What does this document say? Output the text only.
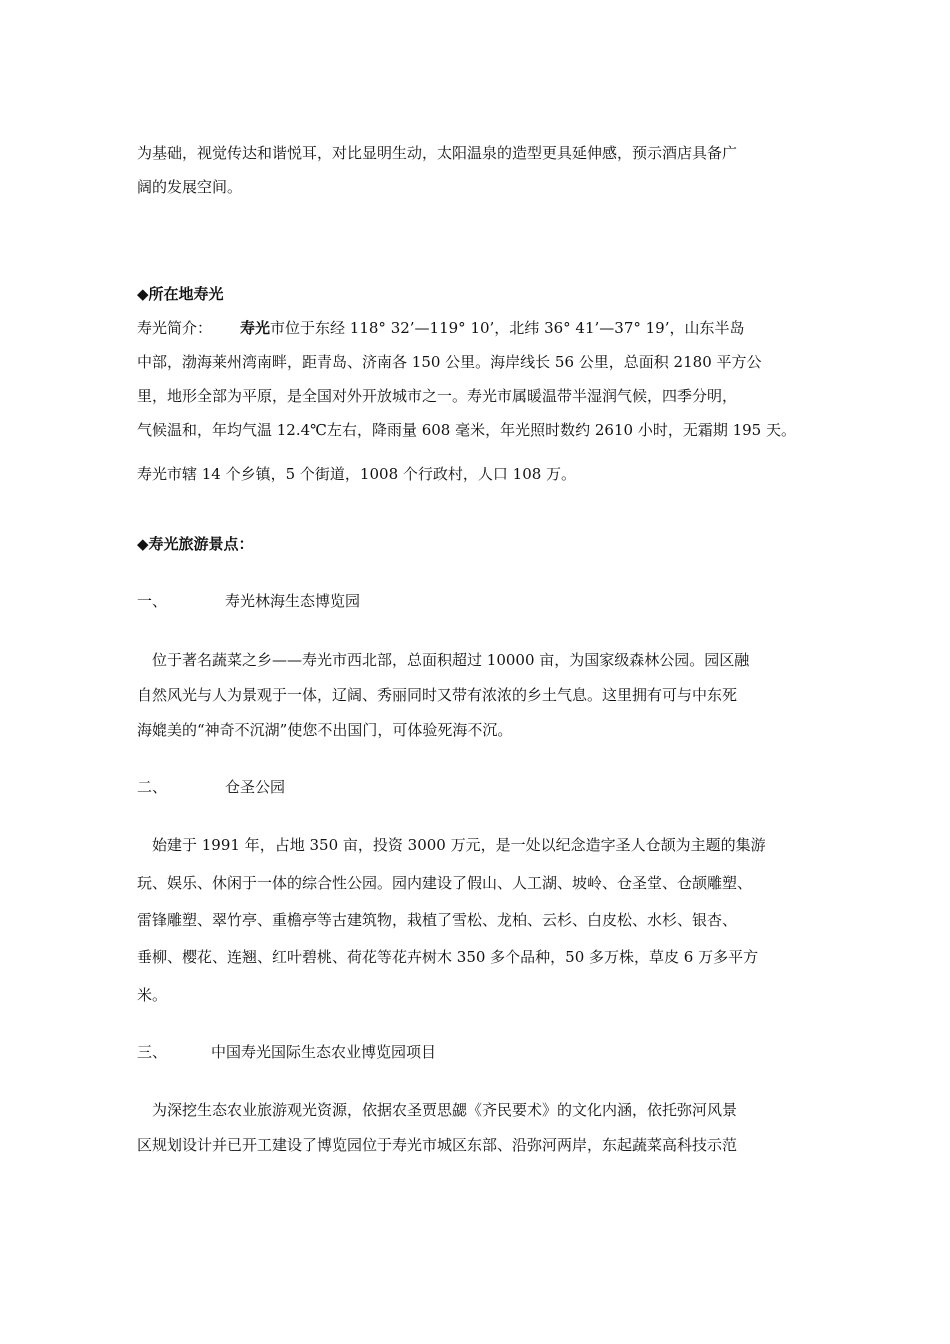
为基础，视觉传达和谐悦耳，对比显明生动，太阳温泉的造型更具延伸感，预示酒店具备广
阔的发展空间。
◆所在地寿光
寿光简介： 寿光市位于东经 118° 32’—119° 10’，北纬 36° 41’—37° 19’，山东半岛
中部，渤海莱州湾南畔，距青岛、济南各 150 公里。海岸线长 56 公里，总面积 2180 平方公
里，地形全部为平原，是全国对外开放城市之一。寿光市属暖温带半湿润气候，四季分明，
气候温和，年均气温 12.4℃左右，降雨量 608 毫米，年光照时数约 2610 小时，无霜期 195 天。
寿光市辖 14 个乡镇，5 个街道，1008 个行政村，人口 108 万。
◆寿光旅游景点：
一、	寿光林海生态博览园
位于著名蔬菜之乡——寿光市西北部，总面积超过 10000 亩，为国家级森林公园。园区融
自然风光与人为景观于一体，辽阔、秀丽同时又带有浓浓的乡土气息。这里拥有可与中东死
海媲美的“神奇不沉湖”使您不出国门，可体验死海不沉。
二、	仓圣公园
始建于 1991 年，占地 350 亩，投资 3000 万元，是一处以纪念造字圣人仓颉为主题的集游
玩、娱乐、休闲于一体的综合性公园。园内建设了假山、人工湖、坡岭、仓圣堂、仓颉雕塑、
雷锋雕塑、翠竹亭、重檐亭等古建筑物，栽植了雪松、龙柏、云杉、白皮松、水杉、银杏、
垂柳、樱花、连翘、红叶碧桃、荷花等花卉树木 350 多个品种，50 多万株，草皮 6 万多平方
米。
三、	中国寿光国际生态农业博览园项目
为深挖生态农业旅游观光资源，依据农圣贾思勰《齐民要术》的文化内涵，依托弥河风景
区规划设计并已开工建设了博览园位于寿光市城区东部、沿弥河两岸，东起蔬菜高科技示范
